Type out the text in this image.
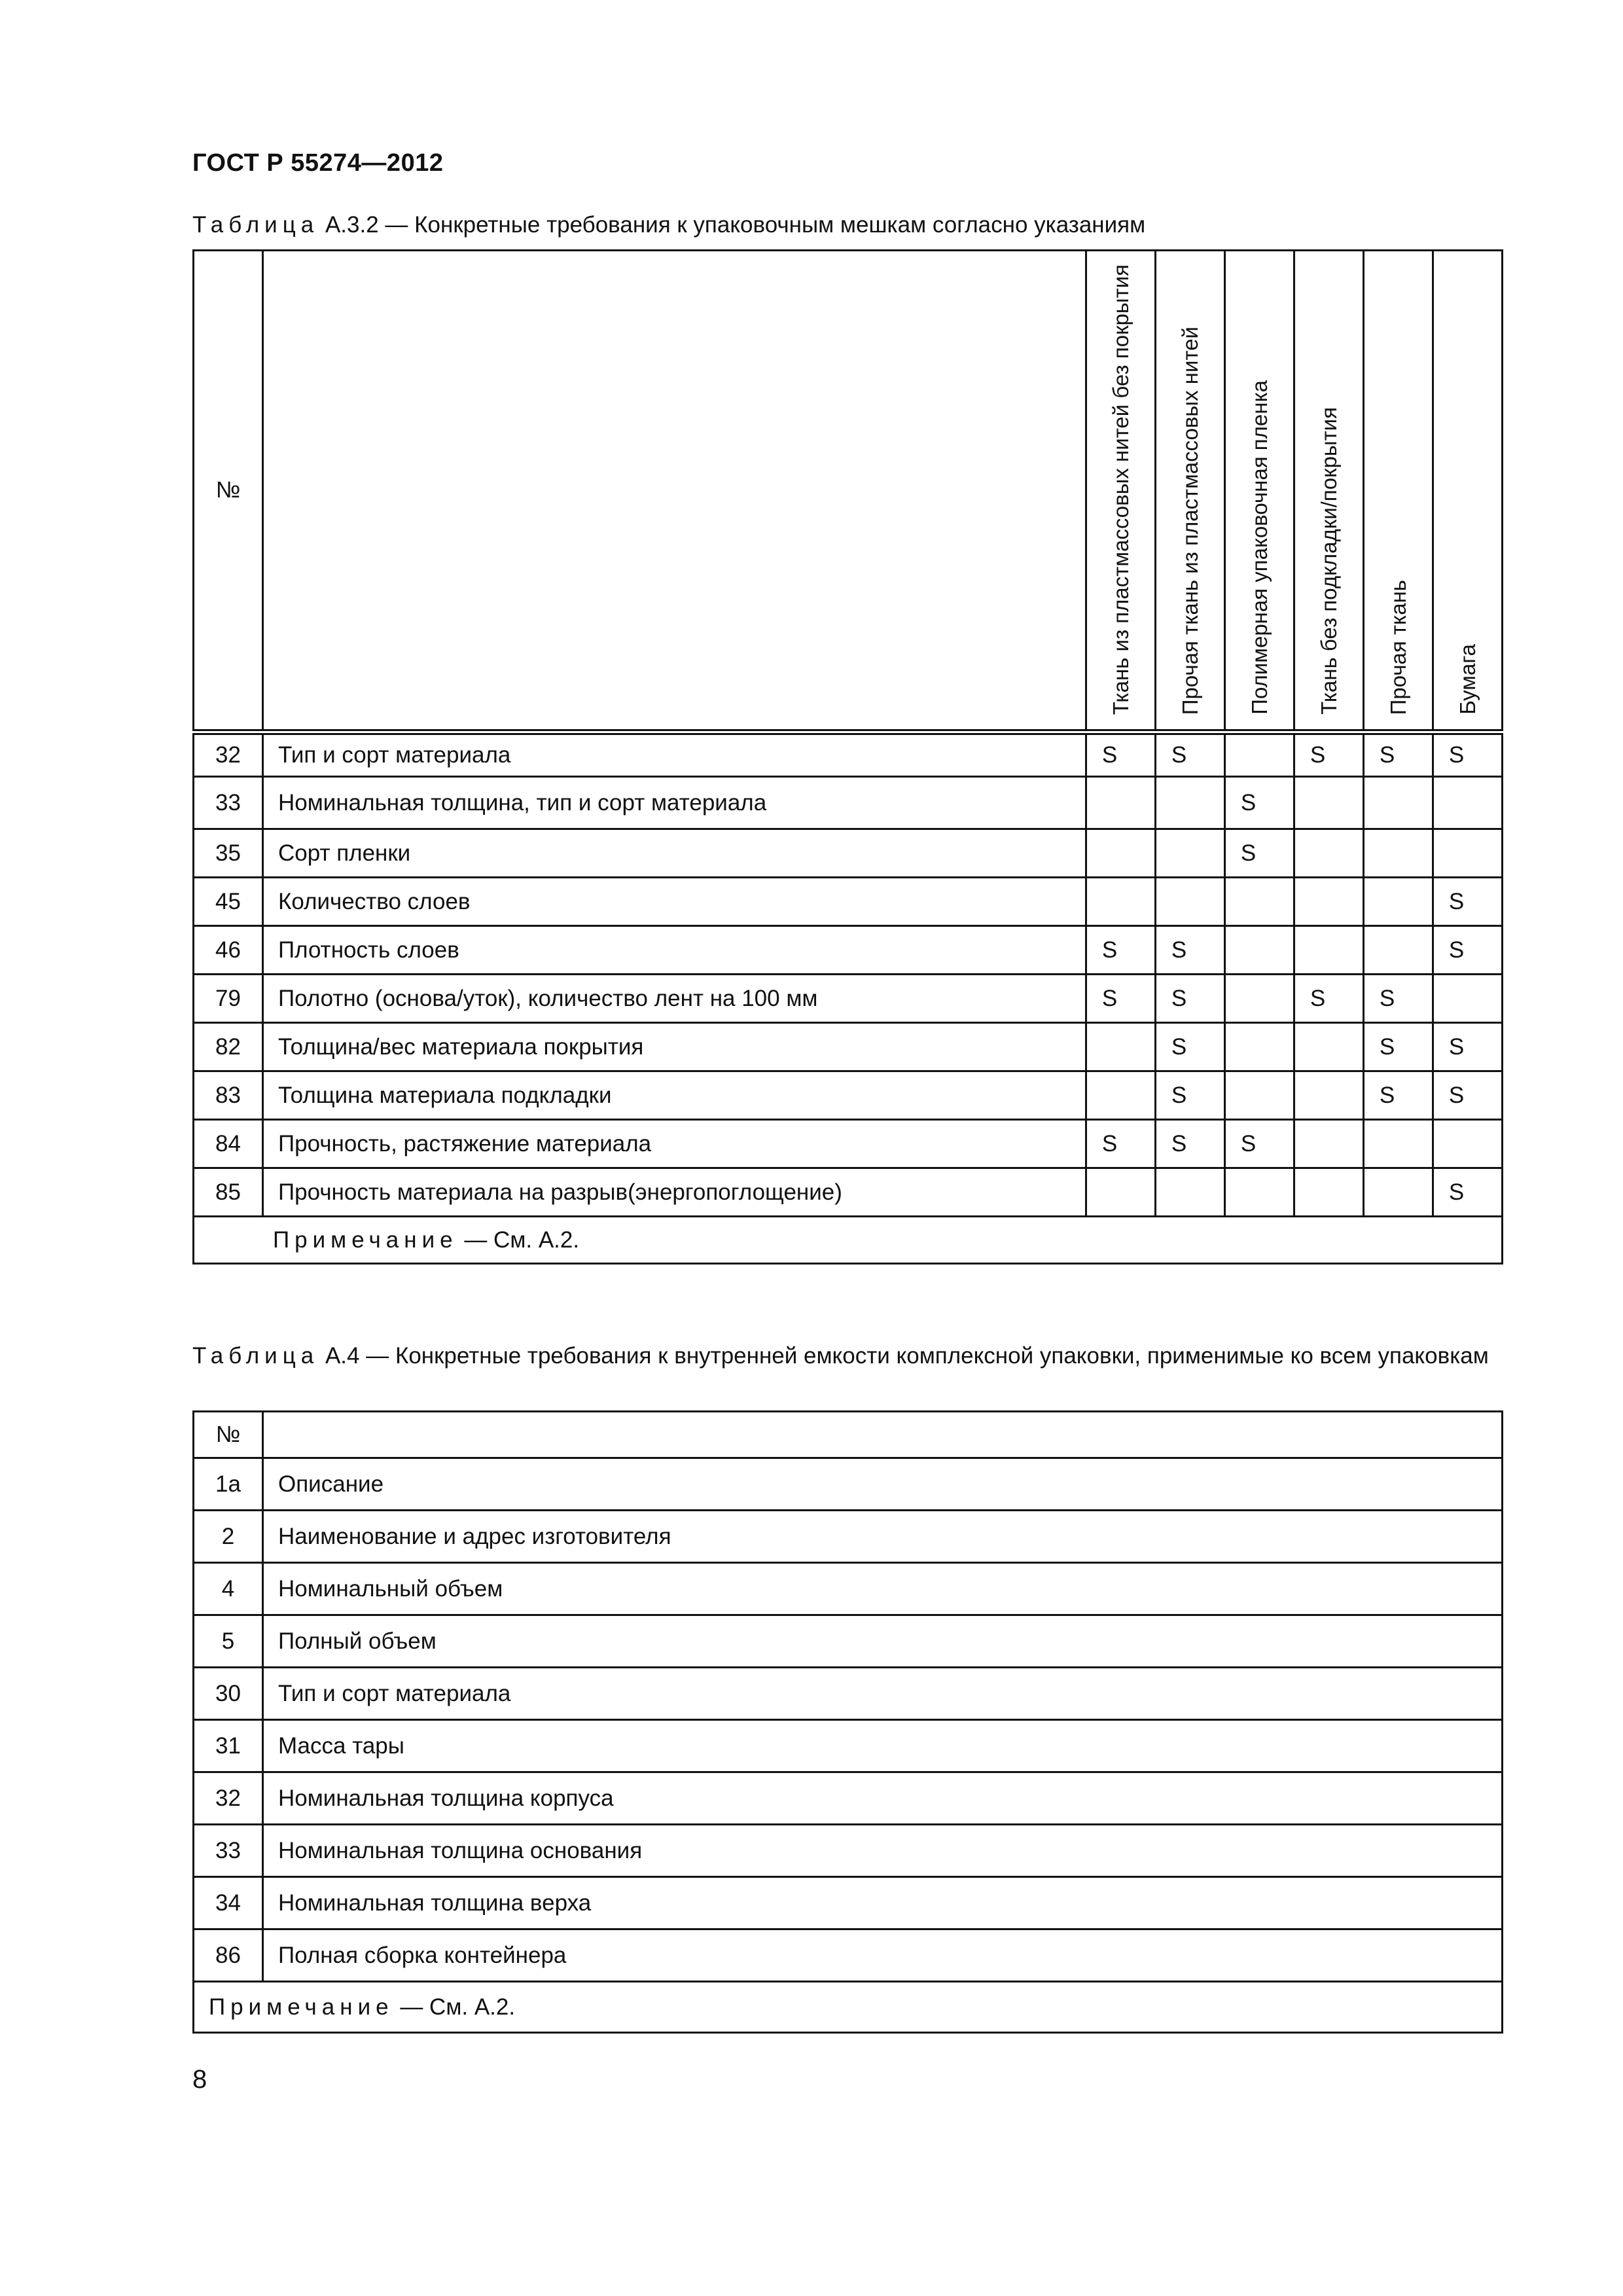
ГОСТ Р 55274—2012
Таблица А.3.2 — Конкретные требования к упаковочным мешкам согласно указаниям
№		Ткань из пластмассовых нитей без покрытия	Прочая ткань из пластмассовых нитей	Полимерная упаковочная пленка	Ткань без подкладки/покрытия	Прочая ткань	Бумага

32	Тип и сорт материала	S	S		S	S	S
33	Номинальная толщина, тип и сорт материала			S			
35	Сорт пленки			S			
45	Количество слоев						S
46	Плотность слоев	S	S				S
79	Полотно (основа/уток), количество лент на 100 мм	S	S		S	S	
82	Толщина/вес материала покрытия		S			S	S
83	Толщина материала подкладки		S			S	S
84	Прочность, растяжение материала	S	S	S			
85	Прочность материала на разрыв(энергопоглощение)						S
Примечание — См. А.2.							
Таблица А.4 — Конкретные требования к внутренней емкости комплексной упаковки, применимые ко всем упаковкам
№	
1а	Описание
2	Наименование и адрес изготовителя
4	Номинальный объем
5	Полный объем
30	Тип и сорт материала
31	Масса тары
32	Номинальная толщина корпуса
33	Номинальная толщина основания
34	Номинальная толщина верха
86	Полная сборка контейнера
Примечание — См. А.2.	
8
